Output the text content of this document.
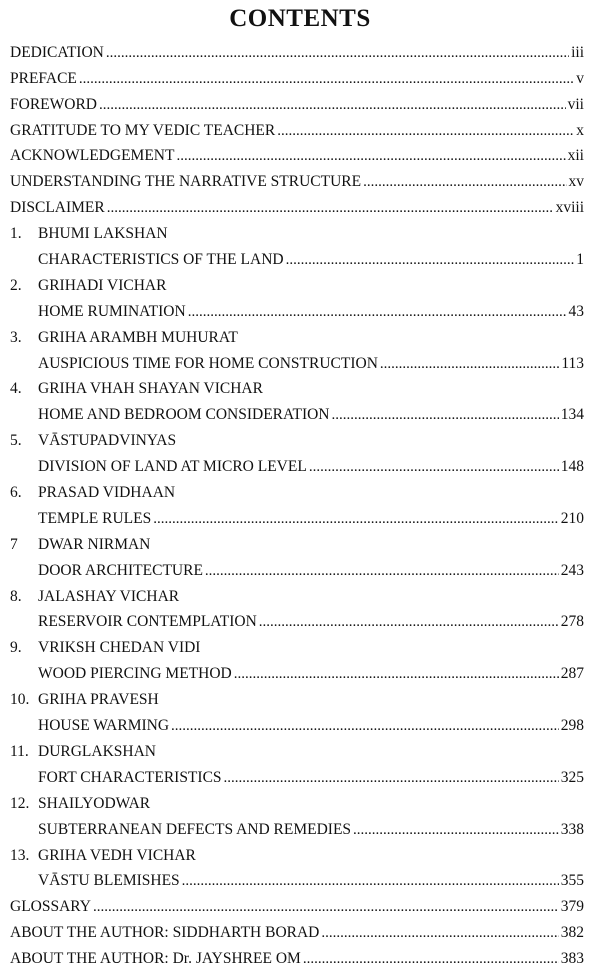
CONTENTS
DEDICATION .....	iii
PREFACE .....	v
FOREWORD .....	vii
GRATITUDE TO MY VEDIC TEACHER .....	x
ACKNOWLEDGEMENT .....	xii
UNDERSTANDING THE NARRATIVE STRUCTURE .....	xv
DISCLAIMER .....	xviii
1.	BHUMI LAKSHAN
CHARACTERISTICS OF THE LAND .....	1
2.	GRIHADI VICHAR
HOME RUMINATION .....	43
3.	GRIHA ARAMBH MUHURAT
AUSPICIOUS TIME FOR HOME CONSTRUCTION .....	113
4.	GRIHA VHAH SHAYAN VICHAR
HOME AND BEDROOM CONSIDERATION .....	134
5.	VĀSTUPADVINYAS
DIVISION OF LAND AT MICRO LEVEL .....	148
6.	PRASAD VIDHAAN
TEMPLE RULES .....	210
7	DWAR NIRMAN
DOOR ARCHITECTURE .....	243
8.	JALASHAY VICHAR
RESERVOIR CONTEMPLATION .....	278
9.	VRIKSH CHEDAN VIDI
WOOD PIERCING METHOD .....	287
10. GRIHA PRAVESH
HOUSE WARMING .....	298
11. DURGLAKSHAN
FORT CHARACTERISTICS .....	325
12. SHAILYODWAR
SUBTERRANEAN DEFECTS AND REMEDIES .....	338
13. GRIHA VEDH VICHAR
VĀSTU BLEMISHES .....	355
GLOSSARY .....	379
ABOUT THE AUTHOR: SIDDHARTH BORAD .....	382
ABOUT THE AUTHOR: Dr. JAYSHREE OM .....	383
